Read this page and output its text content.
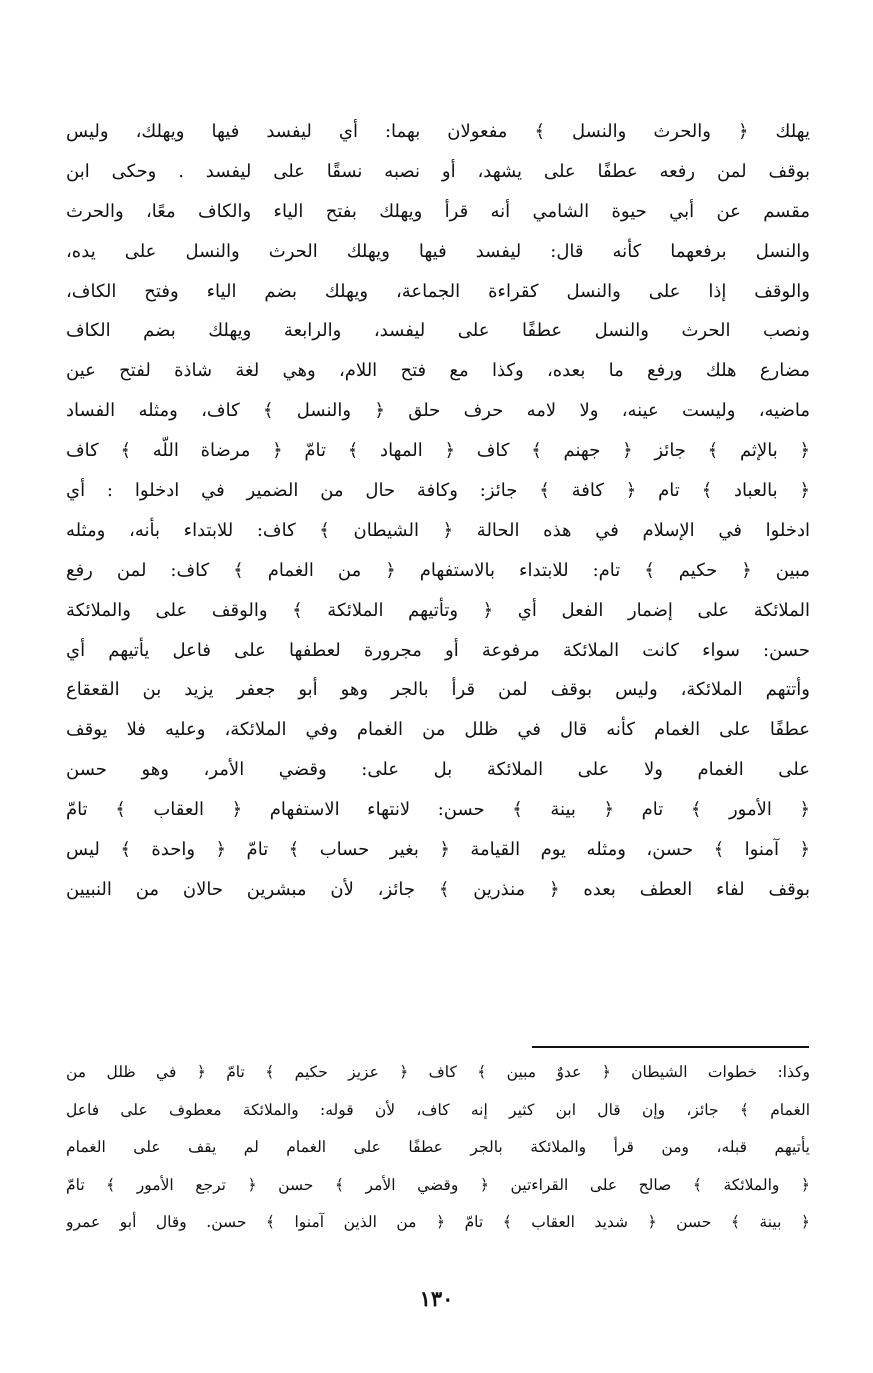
يهلك ﴿ والحرث والنسل ﴾ مفعولان بهما: أي ليفسد فيها ويهلك، وليس
بوقف لمن رفعه عطفًا على يشهد، أو نصبه نسقًا على ليفسد . وحكى ابن
مقسم عن أبي حيوة الشامي أنه قرأ ويهلك بفتح الياء والكاف معًا، والحرث
والنسل برفعهما كأنه قال: ليفسد فيها ويهلك الحرث والنسل على يده،
والوقف إذا على والنسل كقراءة الجماعة، ويهلك بضم الياء وفتح الكاف،
ونصب الحرث والنسل عطفًا على ليفسد، والرابعة ويهلك بضم الكاف
مضارع هلك ورفع ما بعده، وكذا مع فتح اللام، وهي لغة شاذة لفتح عين
ماضيه، وليست عينه، ولا لامه حرف حلق ﴿ والنسل ﴾ كاف، ومثله الفساد
﴿ بالإثم ﴾ جائز ﴿ جهنم ﴾ كاف ﴿ المهاد ﴾ تامّ ﴿ مرضاة اللّه ﴾ كاف
﴿ بالعباد ﴾ تام ﴿ كافة ﴾ جائز: وكافة حال من الضمير في ادخلوا : أي
ادخلوا في الإسلام في هذه الحالة ﴿ الشيطان ﴾ كاف: للابتداء بأنه، ومثله
مبين ﴿ حكيم ﴾ تام: للابتداء بالاستفهام ﴿ من الغمام ﴾ كاف: لمن رفع
الملائكة على إضمار الفعل أي ﴿ وتأتيهم الملائكة ﴾ والوقف على والملائكة
حسن: سواء كانت الملائكة مرفوعة أو مجرورة لعطفها على فاعل يأتيهم أي
وأتتهم الملائكة، وليس بوقف لمن قرأ بالجر وهو أبو جعفر يزيد بن القعقاع
عطفًا على الغمام كأنه قال في ظلل من الغمام وفي الملائكة، وعليه فلا يوقف
على الغمام ولا على الملائكة بل على: وقضي الأمر، وهو حسن
﴿ الأمور ﴾ تام ﴿ بينة ﴾ حسن: لانتهاء الاستفهام ﴿ العقاب ﴾ تامّ
﴿ آمنوا ﴾ حسن، ومثله يوم القيامة ﴿ بغير حساب ﴾ تامّ ﴿ واحدة ﴾ ليس
بوقف لفاء العطف بعده ﴿ منذرين ﴾ جائز، لأن مبشرين حالان من النبيين
وكذا: خطوات الشيطان ﴿ عدوٌ مبين ﴾ كاف ﴿ عزيز حكيم ﴾ تامّ ﴿ في ظلل من
الغمام ﴾ جائز، وإن قال ابن كثير إنه كاف، لأن قوله: والملائكة معطوف على فاعل
يأتيهم قبله، ومن قرأ والملائكة بالجر عطفًا على الغمام لم يقف على الغمام
﴿ والملائكة ﴾ صالح على القراءتين ﴿ وقضي الأمر ﴾ حسن ﴿ ترجع الأمور ﴾ تامّ
﴿ بينة ﴾ حسن ﴿ شديد العقاب ﴾ تامّ ﴿ من الذين آمنوا ﴾ حسن. وقال أبو عمرو
١٣٠
